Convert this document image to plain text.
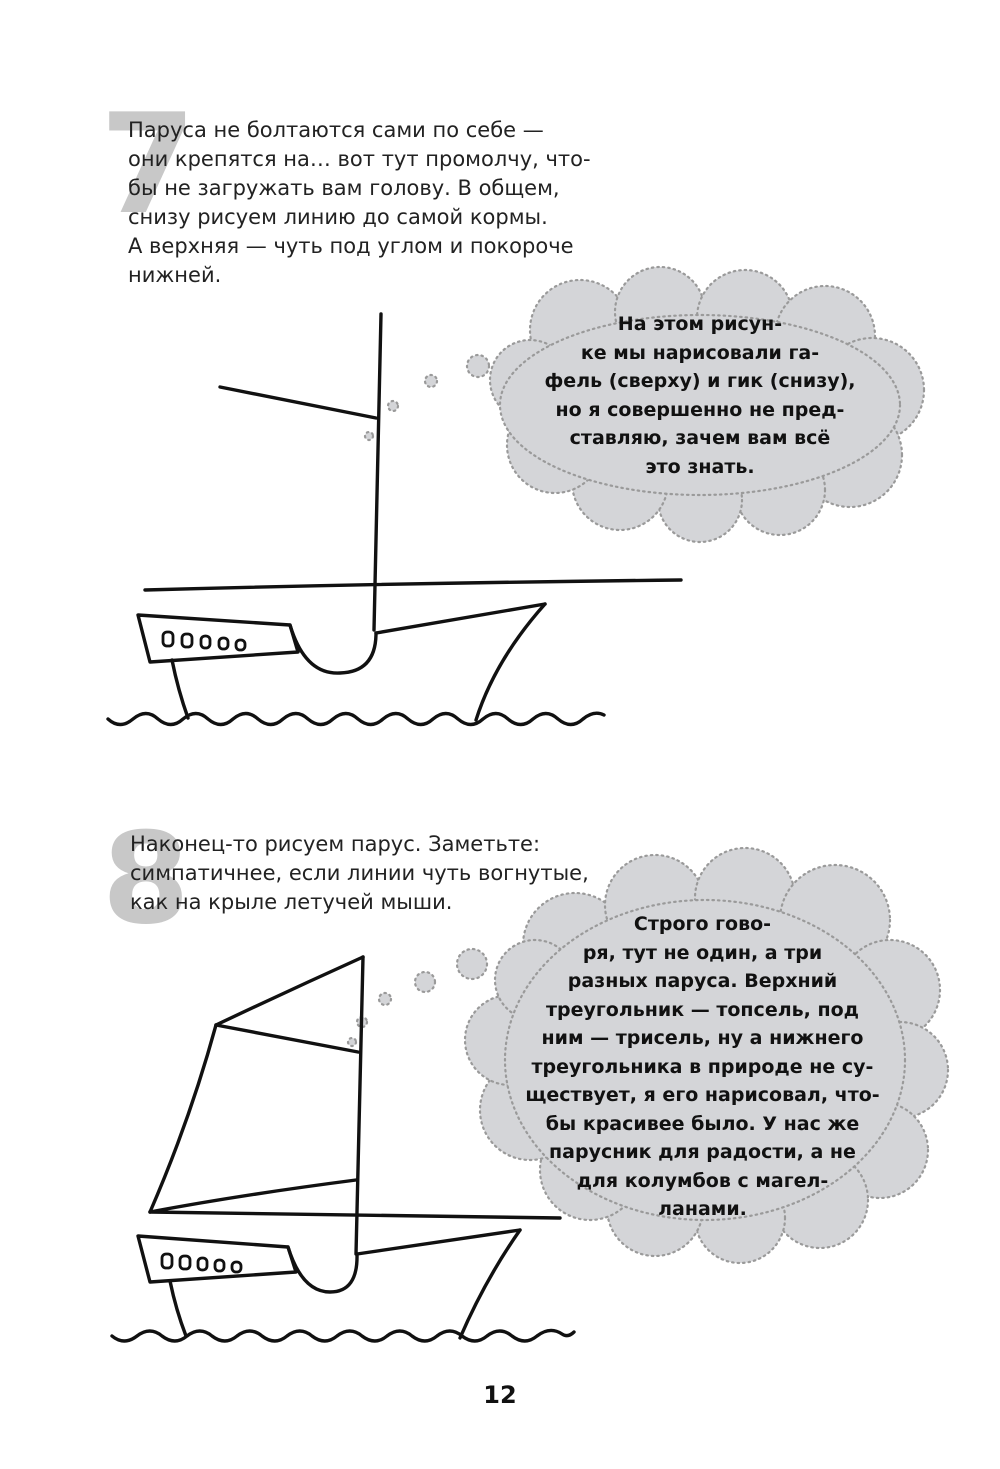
7
Паруса не болтаются сами по себе —
они крепятся на… вот тут промолчу, что-
бы не загружать вам голову. В общем,
снизу рисуем линию до самой кормы.
А верхняя — чуть под углом и покороче
нижней.
8
Наконец-то рисуем парус. Заметьте:
симпатичнее, если линии чуть вогнутые,
как на крыле летучей мыши.
На этом рисун-
ке мы нарисовали га-
фель (сверху) и гик (снизу),
но я совершенно не пред-
ставляю, зачем вам всё
это знать.
Строго гово-
ря, тут не один, а три
разных паруса. Верхний
треугольник — топсель, под
ним — трисель, ну а нижнего
треугольника в природе не су-
ществует, я его нарисовал, что-
бы красивее было. У нас же
парусник для радости, а не
для колумбов с магел-
ланами.
12
